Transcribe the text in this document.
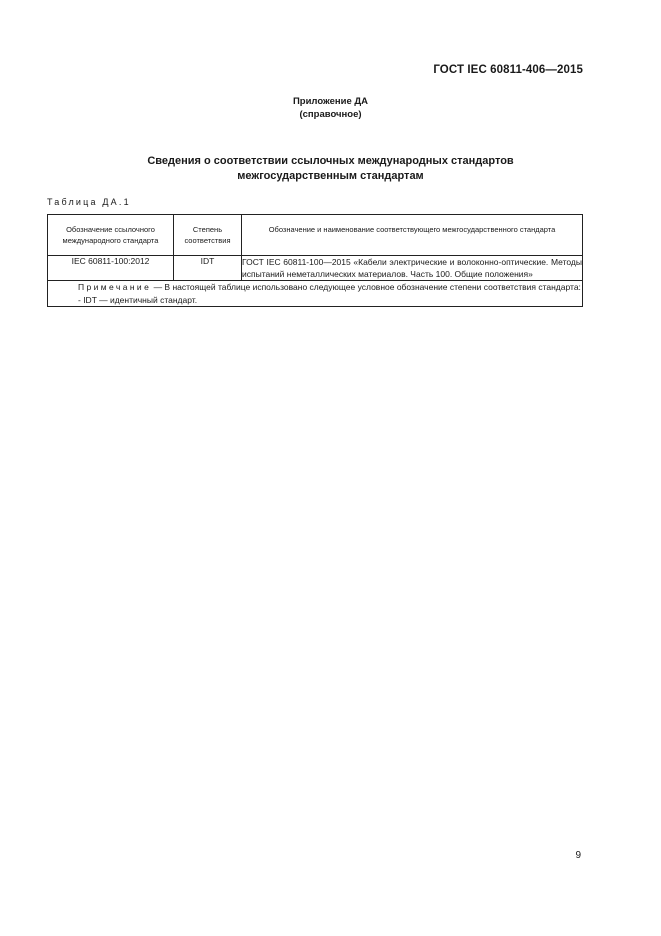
ГОСТ IEC 60811-406—2015
Приложение ДА
(справочное)
Сведения о соответствии ссылочных международных стандартов
межгосударственным стандартам
Таблица ДА.1
Обозначение ссылочного международного стандарта	Степень соответствия	Обозначение и наименование соответствующего межгосударственного стандарта
IEC 60811-100:2012	IDT	ГОСТ IEC 60811-100—2015 «Кабели электрические и волоконно-оптические. Методы испытаний неметаллических материалов. Часть 100. Общие положения»
Примечание — В настоящей таблице использовано следующее условное обозначение степени соответствия стандарта:
- IDT — идентичный стандарт.		
9
